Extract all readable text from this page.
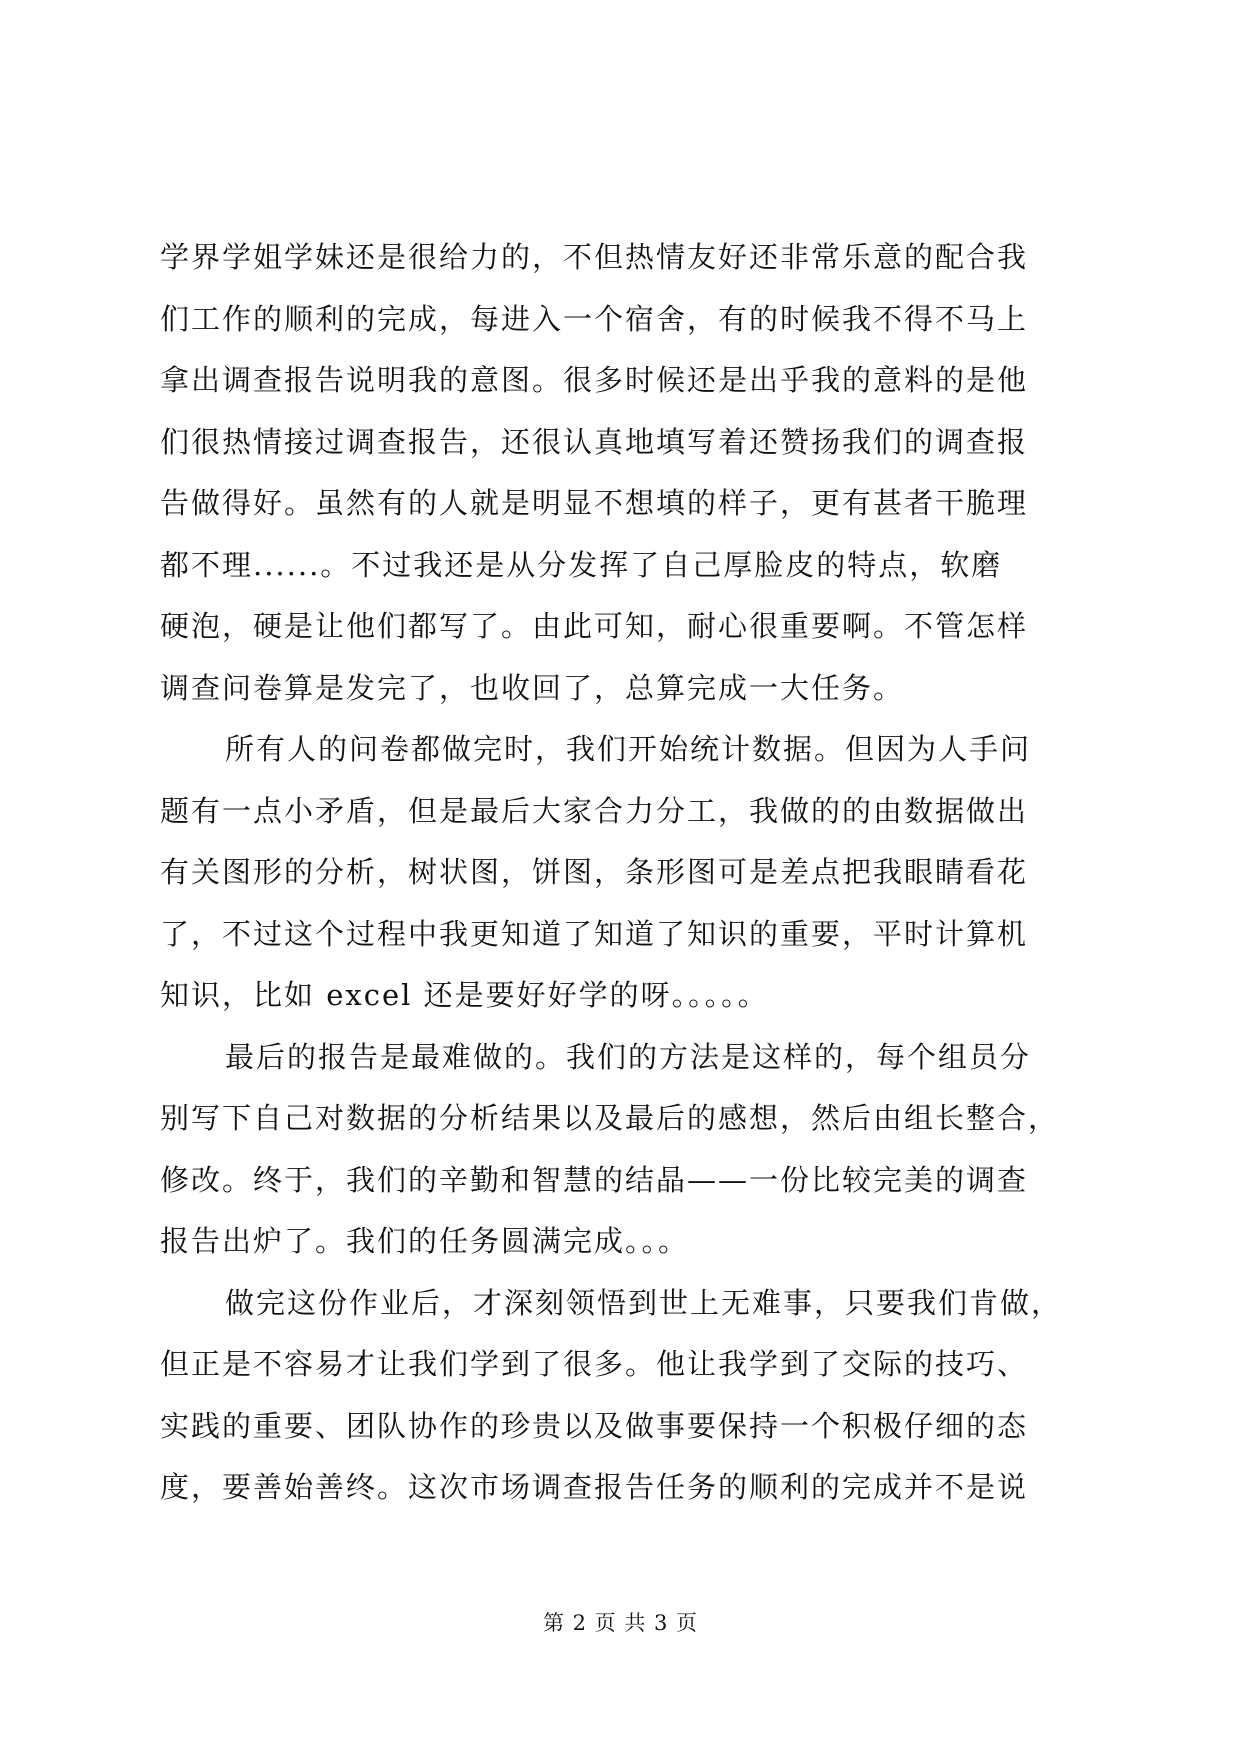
学界学姐学妹还是很给力的，不但热情友好还非常乐意的配合我
们工作的顺利的完成，每进入一个宿舍，有的时候我不得不马上
拿出调查报告说明我的意图。很多时候还是出乎我的意料的是他
们很热情接过调查报告，还很认真地填写着还赞扬我们的调查报
告做得好。虽然有的人就是明显不想填的样子，更有甚者干脆理
都不理......。不过我还是从分发挥了自己厚脸皮的特点，软磨
硬泡，硬是让他们都写了。由此可知，耐心很重要啊。不管怎样
调查问卷算是发完了，也收回了，总算完成一大任务。
所有人的问卷都做完时，我们开始统计数据。但因为人手问
题有一点小矛盾，但是最后大家合力分工，我做的的由数据做出
有关图形的分析，树状图，饼图，条形图可是差点把我眼睛看花
了，不过这个过程中我更知道了知道了知识的重要，平时计算机
知识，比如 excel 还是要好好学的呀。。。。。
最后的报告是最难做的。我们的方法是这样的，每个组员分
别写下自己对数据的分析结果以及最后的感想，然后由组长整合，
修改。终于，我们的辛勤和智慧的结晶——一份比较完美的调查
报告出炉了。我们的任务圆满完成。。。
做完这份作业后，才深刻领悟到世上无难事，只要我们肯做，
但正是不容易才让我们学到了很多。他让我学到了交际的技巧、
实践的重要、团队协作的珍贵以及做事要保持一个积极仔细的态
度，要善始善终。这次市场调查报告任务的顺利的完成并不是说
第 2 页 共 3 页
